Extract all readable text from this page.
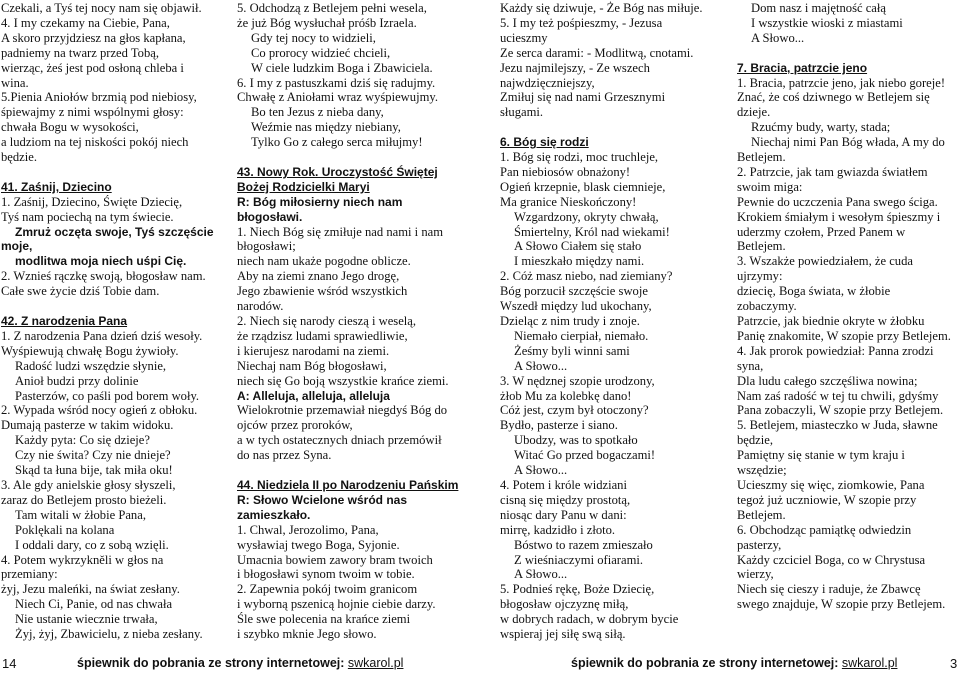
Czekali, a Tyś tej nocy nam się objawił.
4. I my czekamy na Ciebie, Pana,
A skoro przyjdziesz na głos kapłana,
padniemy na twarz przed Tobą,
wierząc, żeś jest pod osłoną chleba i
wina.
5.Pienia Aniołów brzmią pod niebiosy,
śpiewajmy z nimi wspólnymi głosy:
chwała Bogu w wysokości,
a ludziom na tej niskości pokój niech
będzie.
41. Zaśnij, Dziecino
1. Zaśnij, Dziecino, Święte Dziecię,
Tyś nam pociechą na tym świecie.
Zmruż oczęta swoje, Tyś szczęście
moje,
modlitwa moja niech uśpi Cię.
2. Wznieś rączkę swoją, błogosław nam.
Całe swe życie dziś Tobie dam.
42. Z narodzenia Pana
1. Z narodzenia Pana dzień dziś wesoły.
Wyśpiewują chwałę Bogu żywioły.
Radość ludzi wszędzie słynie,
Anioł budzi przy dolinie
Pasterzów, co paśli pod borem woły.
2. Wypada wśród nocy ogień z obłoku.
Dumają pasterze w takim widoku.
Każdy pyta: Co się dzieje?
Czy nie świta? Czy nie dnieje?
Skąd ta łuna bije, tak miła oku!
3. Ale gdy anielskie głosy słyszeli,
zaraz do Betlejem prosto bieżeli.
Tam witali w żłobie Pana,
Poklękali na kolana
I oddali dary, co z sobą wzięli.
4. Potem wykrzykněli w głos na
przemiany:
żyj, Jezu maleńki, na świat zesłany.
Niech Ci, Panie, od nas chwała
Nie ustanie wiecznie trwała,
Żyj, żyj, Zbawicielu, z nieba zesłany.
5. Odchodzą z Betlejem pełni wesela,
że już Bóg wysłuchał próśb Izraela.
Gdy tej nocy to widzieli,
Co prorocy widzieć chcieli,
W ciele ludzkim Boga i Zbawiciela.
6. I my z pastuszkami dziś się radujmy.
Chwałę z Aniołami wraz wyśpiewujmy.
Bo ten Jezus z nieba dany,
Weźmie nas między niebiany,
Tylko Go z całego serca miłujmy!
43. Nowy Rok. Uroczystość Świętej
Bożej Rodzicielki Maryi
R: Bóg miłosierny niech nam
błogosławi.
1. Niech Bóg się zmiłuje nad nami i nam
błogosławi;
niech nam ukaże pogodne oblicze.
Aby na ziemi znano Jego drogę,
Jego zbawienie wśród wszystkich
narodów.
2. Niech się narody cieszą i weselą,
że rządzisz ludami sprawiedliwie,
i kierujesz narodami na ziemi.
Niechaj nam Bóg błogosławi,
niech się Go boją wszystkie krańce ziemi.
A: Alleluja, alleluja, alleluja
Wielokrotnie przemawiał niegdyś Bóg do
ojców przez proroków,
a w tych ostatecznych dniach przemówił
do nas przez Syna.
44. Niedziela II po Narodzeniu Pańskim
R: Słowo Wcielone wśród nas
zamieszkało.
1. Chwal, Jerozolimo, Pana,
wysławiaj twego Boga, Syjonie.
Umacnia bowiem zawory bram twoich
i błogosławi synom twoim w tobie.
2. Zapewnia pokój twoim granicom
i wyborną pszenicą hojnie ciebie darzy.
Śle swe polecenia na krańce ziemi
i szybko mknie Jego słowo.
Każdy się dziwuje, - Że Bóg nas miłuje.
5. I my też pośpieszmy, - Jezusa
ucieszmy
Ze serca darami: - Modlitwą, cnotami.
Jezu najmilejszy, - Ze wszech
najwdzięczniejszy,
Zmiłuj się nad nami Grzesznymi
sługami.
6. Bóg się rodzi
1. Bóg się rodzi, moc truchleje,
Pan niebiosów obnażony!
Ogień krzepnie, blask ciemnieje,
Ma granice Nieskończony!
Wzgardzony, okryty chwałą,
Śmiertelny, Król nad wiekami!
A Słowo Ciałem się stało
I mieszkało między nami.
2. Cóż masz niebo, nad ziemiany?
Bóg porzucił szczęście swoje
Wszedł między lud ukochany,
Dzieląc z nim trudy i znoje.
Niemało cierpiał, niemało.
Żeśmy byli winni sami
A Słowo...
3. W nędznej szopie urodzony,
żłob Mu za kolebkę dano!
Cóż jest, czym był otoczony?
Bydło, pasterze i siano.
Ubodzy, was to spotkało
Witać Go przed bogaczami!
A Słowo...
4. Potem i króle widziani
cisną się między prostotą,
niosąc dary Panu w dani:
mirrę, kadzidło i złoto.
Bóstwo to razem zmieszało
Z wieśniaczymi ofiarami.
A Słowo...
5. Podnieś rękę, Boże Dziecię,
błogosław ojczyznę miłą,
w dobrych radach, w dobrym bycie
wspieraj jej siłę swą siłą.
Dom nasz i majętność całą
I wszystkie wioski z miastami
A Słowo...
7. Bracia, patrzcie jeno
1. Bracia, patrzcie jeno, jak niebo goreje!
Znać, że coś dziwnego w Betlejem się
dzieje.
Rzućmy budy, warty, stada;
Niechaj nimi Pan Bóg włada, A my do
Betlejem.
2. Patrzcie, jak tam gwiazda światłem
swoim miga:
Pewnie do uczczenia Pana swego ściga.
Krokiem śmiałym i wesołym śpieszmy i
uderzmy czołem, Przed Panem w
Betlejem.
3. Wszakże powiedziałem, że cuda
ujrzymy:
dziecię, Boga świata, w żłobie
zobaczymy.
Patrzcie, jak biednie okryte w żłobku
Panię znakomite, W szopie przy Betlejem.
4. Jak prorok powiedział: Panna zrodzi
syna,
Dla ludu całego szczęśliwa nowina;
Nam zaś radość w tej tu chwili, gdyśmy
Pana zobaczyli, W szopie przy Betlejem.
5. Betlejem, miasteczko w Juda, sławne
będzie,
Pamiętny się stanie w tym kraju i
wszędzie;
Ucieszmy się więc, ziomkowie, Pana
tegoż już uczniowie, W szopie przy
Betlejem.
6. Obchodząc pamiątkę odwiedzin
pasterzy,
Każdy czciciel Boga, co w Chrystusa
wierzy,
Niech się cieszy i raduje, że Zbawcę
swego znajduje, W szopie przy Betlejem.
14	śpiewnik do pobrania ze strony internetowej: swkarol.pl	śpiewnik do pobrania ze strony internetowej: swkarol.pl	3
